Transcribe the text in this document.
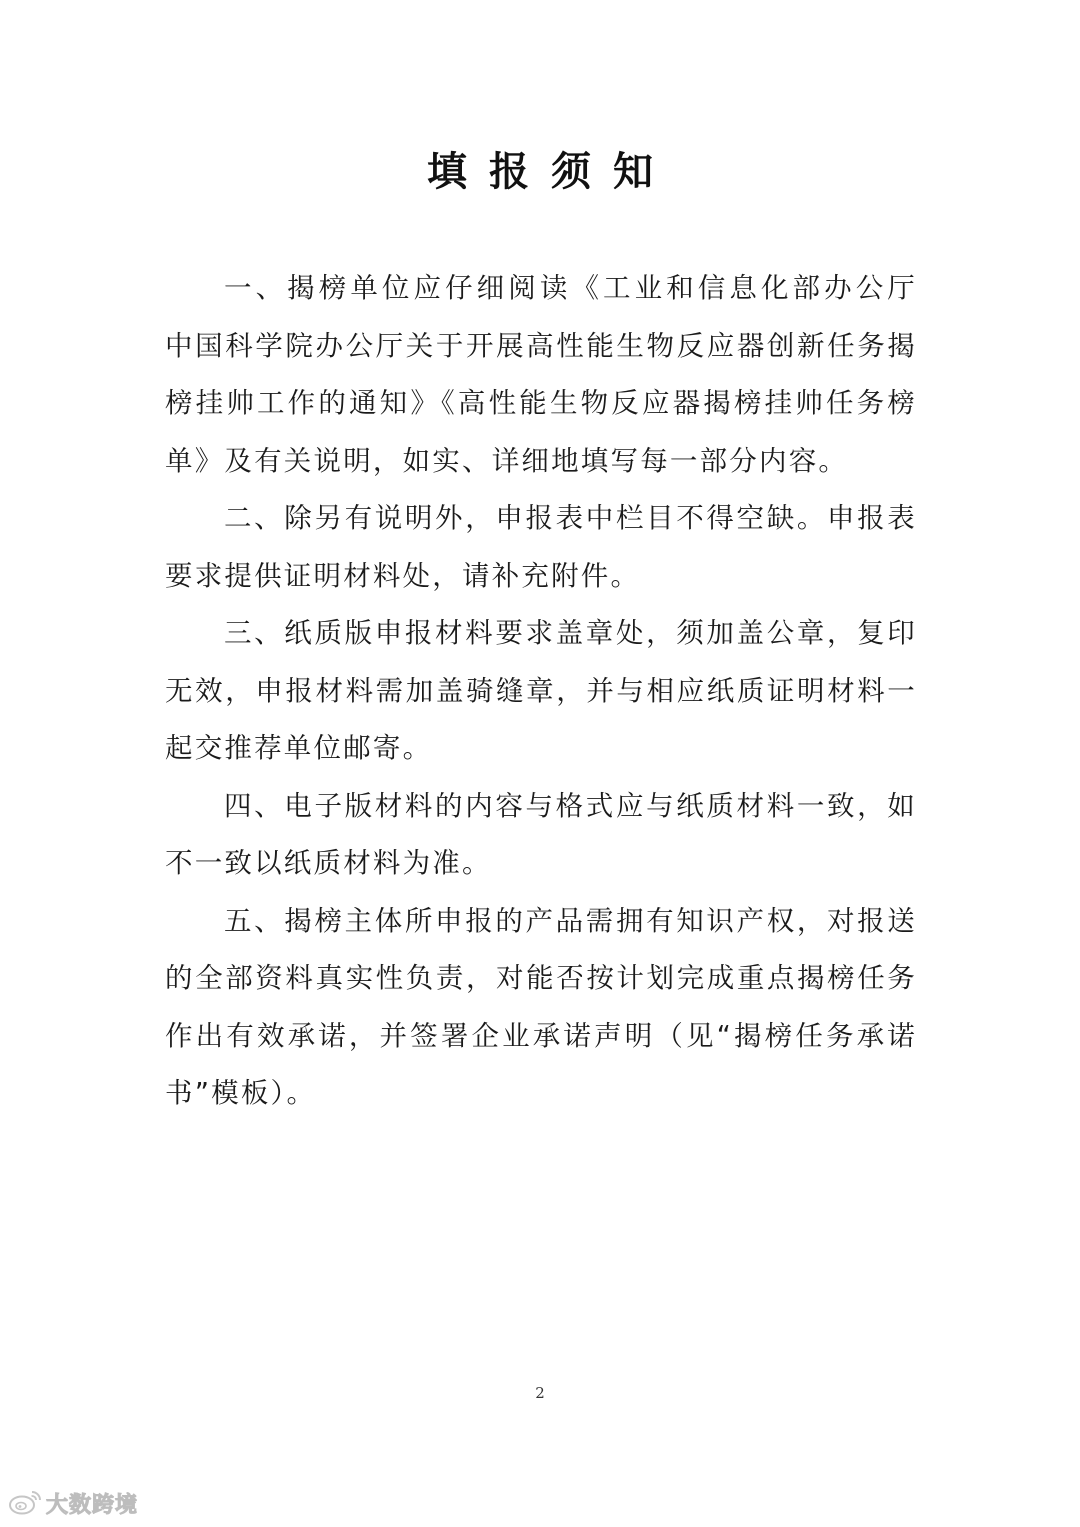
填报须知

一、揭榜单位应仔细阅读《工业和信息化部办公厅 中国科学院办公厅关于开展高性能生物反应器创新任务揭榜挂帅工作的通知》《高性能生物反应器揭榜挂帅任务榜单》及有关说明，如实、详细地填写每一部分内容。

二、除另有说明外，申报表中栏目不得空缺。申报表要求提供证明材料处，请补充附件。

三、纸质版申报材料要求盖章处，须加盖公章，复印无效，申报材料需加盖骑缝章，并与相应纸质证明材料一起交推荐单位邮寄。

四、电子版材料的内容与格式应与纸质材料一致，如不一致以纸质材料为准。

五、揭榜主体所申报的产品需拥有知识产权，对报送的全部资料真实性负责，对能否按计划完成重点揭榜任务作出有效承诺，并签署企业承诺声明（见“揭榜任务承诺书”模板）。

2
大数跨境
